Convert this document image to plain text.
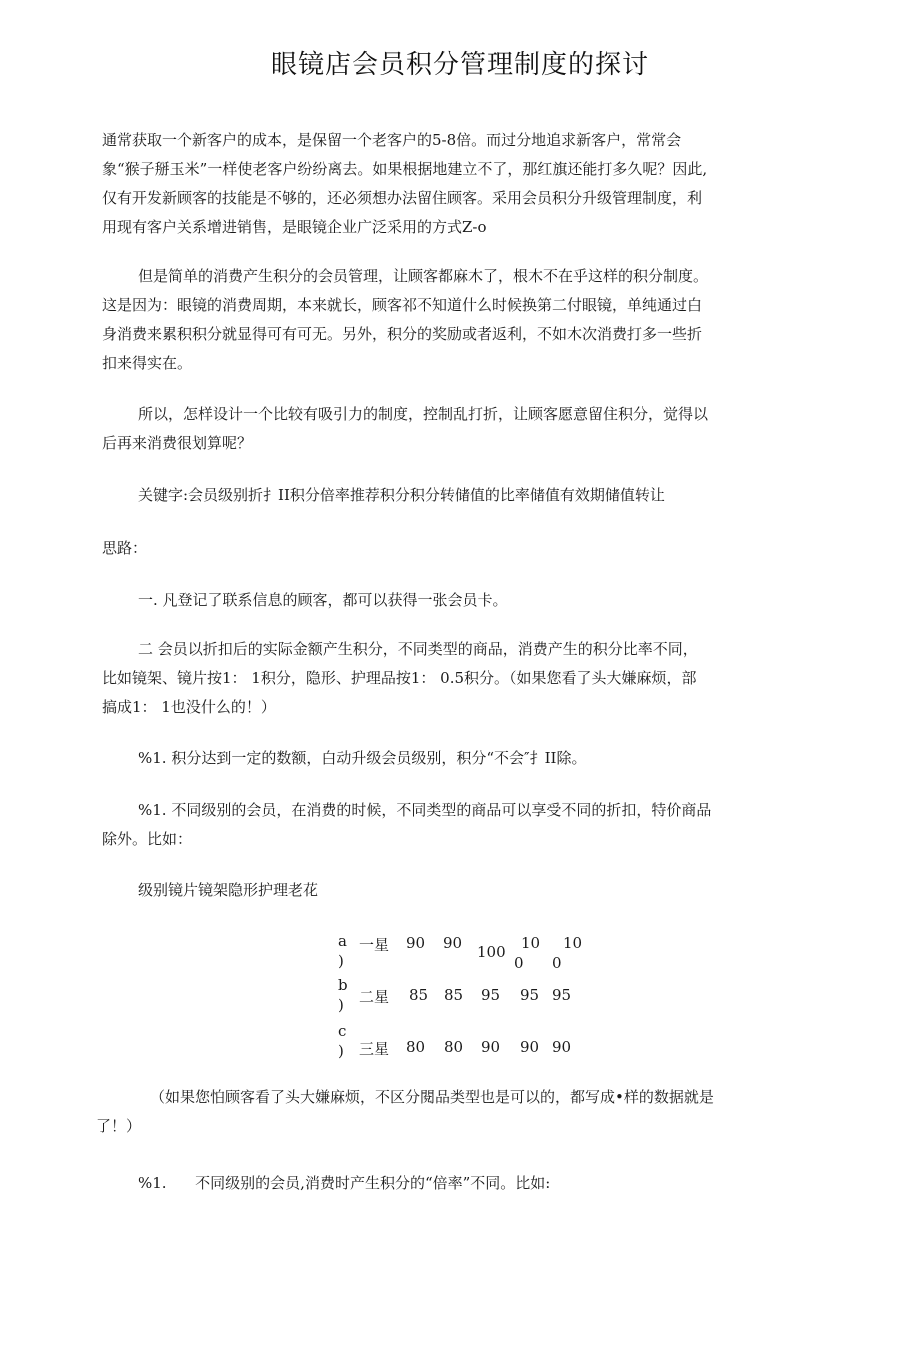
眼镜店会员积分管理制度的探讨

通常获取一个新客户的成本，是保留一个老客户的5-8倍。而过分地追求新客户，常常会
象“猴子掰玉米”一样使老客户纷纷离去。如果根据地建立不了，那红旗还能打多久呢？因此,
仅有开发新顾客的技能是不够的，还必须想办法留住顾客。采用会员积分升级管理制度，利
用现有客户关系增进销售，是眼镜企业广泛采用的方式Z-o

但是简单的消费产生积分的会员管理，让顾客都麻木了，根木不在乎这样的积分制度。
这是因为：眼镜的消费周期，本来就长，顾客祁不知道什么时候换第二付眼镜，单纯通过白
身消费来累积积分就显得可有可无。另外，积分的奖励或者返利，不如木次消费打多一些折
扣来得实在。

所以，怎样设计一个比较有吸引力的制度，控制乱打折，让顾客愿意留住积分，觉得以
后再来消费很划算呢？

关键字:会员级别折扌II积分倍率推荐积分积分转储值的比率储值有效期储值转让

思路：

一. 凡登记了联系信息的顾客，都可以获得一张会员卡。

二 会员以折扣后的实际金额产生积分，不同类型的商品，消费产生的积分比率不同，
比如镜架、镜片按1： 1积分，隐形、护理品按1： 0.5积分。（如果您看了头大嫌麻烦，部
搞成1： 1也没什么的！）

%1. 积分达到一定的数额，白动升级会员级别，积分“不会″扌II除。

%1. 不同级别的会员，在消费的时候，不同类型的商品可以享受不同的折扣，特价商品
除外。比如：

级别镜片镜架隐形护理老花

a
)
一星 90 90 100 10
0
10
0
b
) 二星 85 85 95 95 95
c
) 三星 80 80 90 90 90

（如果您怕顾客看了头大嫌麻烦，不区分閱品类型也是可以的，都写成•样的数据就是
了！）

%1.      不同级别的会员,消费时产生积分的“倍率”不同。比如:
